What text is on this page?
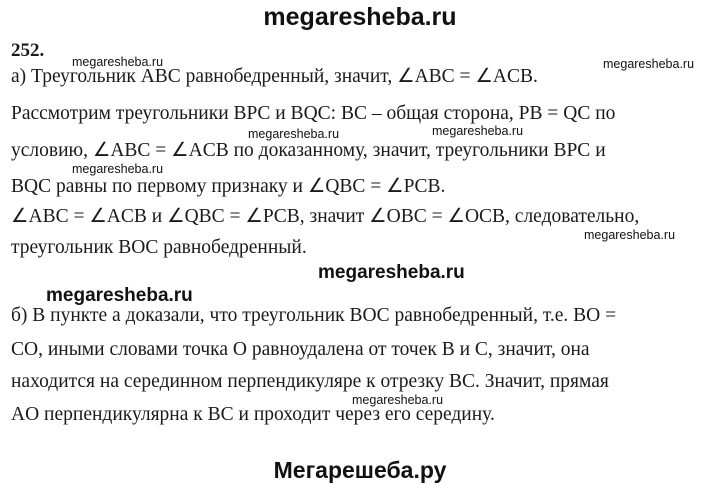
megaresheba.ru
252.
а) Треугольник ABC равнобедренный, значит, ∠ABC = ∠ACB.
Рассмотрим треугольники BPC и BQC: BC – общая сторона, PB = QC по
условию, ∠ABC = ∠ACB по доказанному, значит, треугольники BPC и
BQC равны по первому признаку и ∠QBC = ∠PCB.
∠ABC = ∠ACB и ∠QBC = ∠PCB, значит ∠OBC = ∠OCB, следовательно,
треугольник BOC равнобедренный.
б) В пункте а доказали, что треугольник BOC равнобедренный, т.е. BO =
CO, иными словами точка O равноудалена от точек B и C, значит, она
находится на серединном перпендикуляре к отрезку BC. Значит, прямая
AO перпендикулярна к BC и проходит через его середину.
megaresheba.ru	megaresheba.ru
megaresheba.ru	megaresheba.ru
megaresheba.ru
megaresheba.ru
megaresheba.ru
megaresheba.ru
megaresheba.ru
Мегарешеба.ру
